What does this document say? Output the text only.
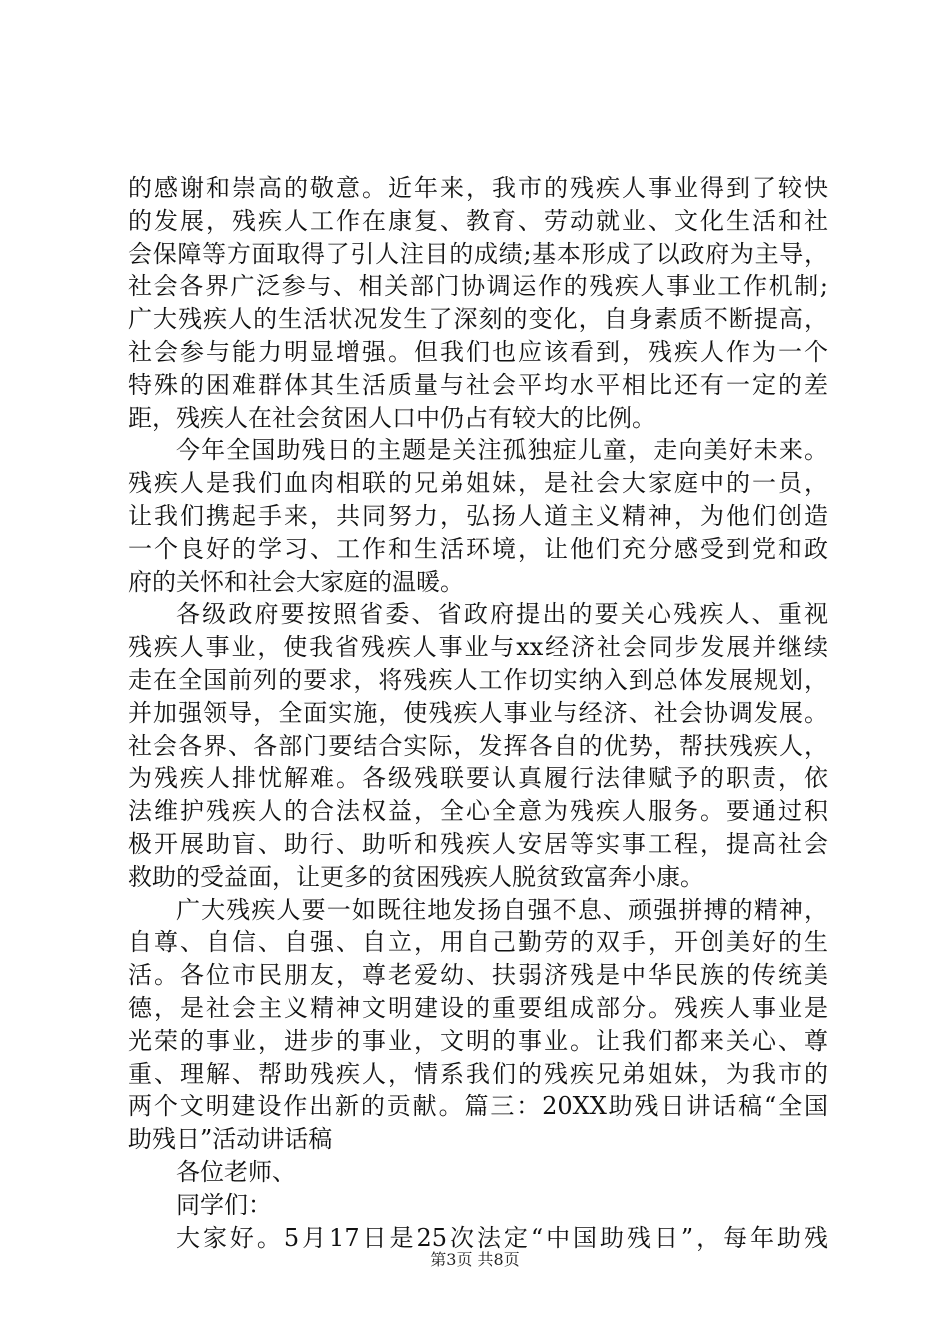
的感谢和崇高的敬意。近年来，我市的残疾人事业得到了较快
的发展，残疾人工作在康复、教育、劳动就业、文化生活和社
会保障等方面取得了引人注目的成绩;基本形成了以政府为主导，
社会各界广泛参与、相关部门协调运作的残疾人事业工作机制;
广大残疾人的生活状况发生了深刻的变化，自身素质不断提高，
社会参与能力明显增强。但我们也应该看到，残疾人作为一个
特殊的困难群体其生活质量与社会平均水平相比还有一定的差
距，残疾人在社会贫困人口中仍占有较大的比例。
今年全国助残日的主题是关注孤独症儿童，走向美好未来。
残疾人是我们血肉相联的兄弟姐妹，是社会大家庭中的一员，
让我们携起手来，共同努力，弘扬人道主义精神，为他们创造
一个良好的学习、工作和生活环境，让他们充分感受到党和政
府的关怀和社会大家庭的温暖。
各级政府要按照省委、省政府提出的要关心残疾人、重视
残疾人事业，使我省残疾人事业与xx经济社会同步发展并继续
走在全国前列的要求，将残疾人工作切实纳入到总体发展规划，
并加强领导，全面实施，使残疾人事业与经济、社会协调发展。
社会各界、各部门要结合实际，发挥各自的优势，帮扶残疾人，
为残疾人排忧解难。各级残联要认真履行法律赋予的职责，依
法维护残疾人的合法权益，全心全意为残疾人服务。要通过积
极开展助盲、助行、助听和残疾人安居等实事工程，提高社会
救助的受益面，让更多的贫困残疾人脱贫致富奔小康。
广大残疾人要一如既往地发扬自强不息、顽强拼搏的精神，
自尊、自信、自强、自立，用自己勤劳的双手，开创美好的生
活。各位市民朋友，尊老爱幼、扶弱济残是中华民族的传统美
德，是社会主义精神文明建设的重要组成部分。残疾人事业是
光荣的事业，进步的事业，文明的事业。让我们都来关心、尊
重、理解、帮助残疾人，情系我们的残疾兄弟姐妹，为我市的
两个文明建设作出新的贡献。篇三：20XX助残日讲话稿“全国
助残日”活动讲话稿
各位老师、
同学们：
大家好。5月17日是25次法定“中国助残日”，每年助残
第3页 共8页
